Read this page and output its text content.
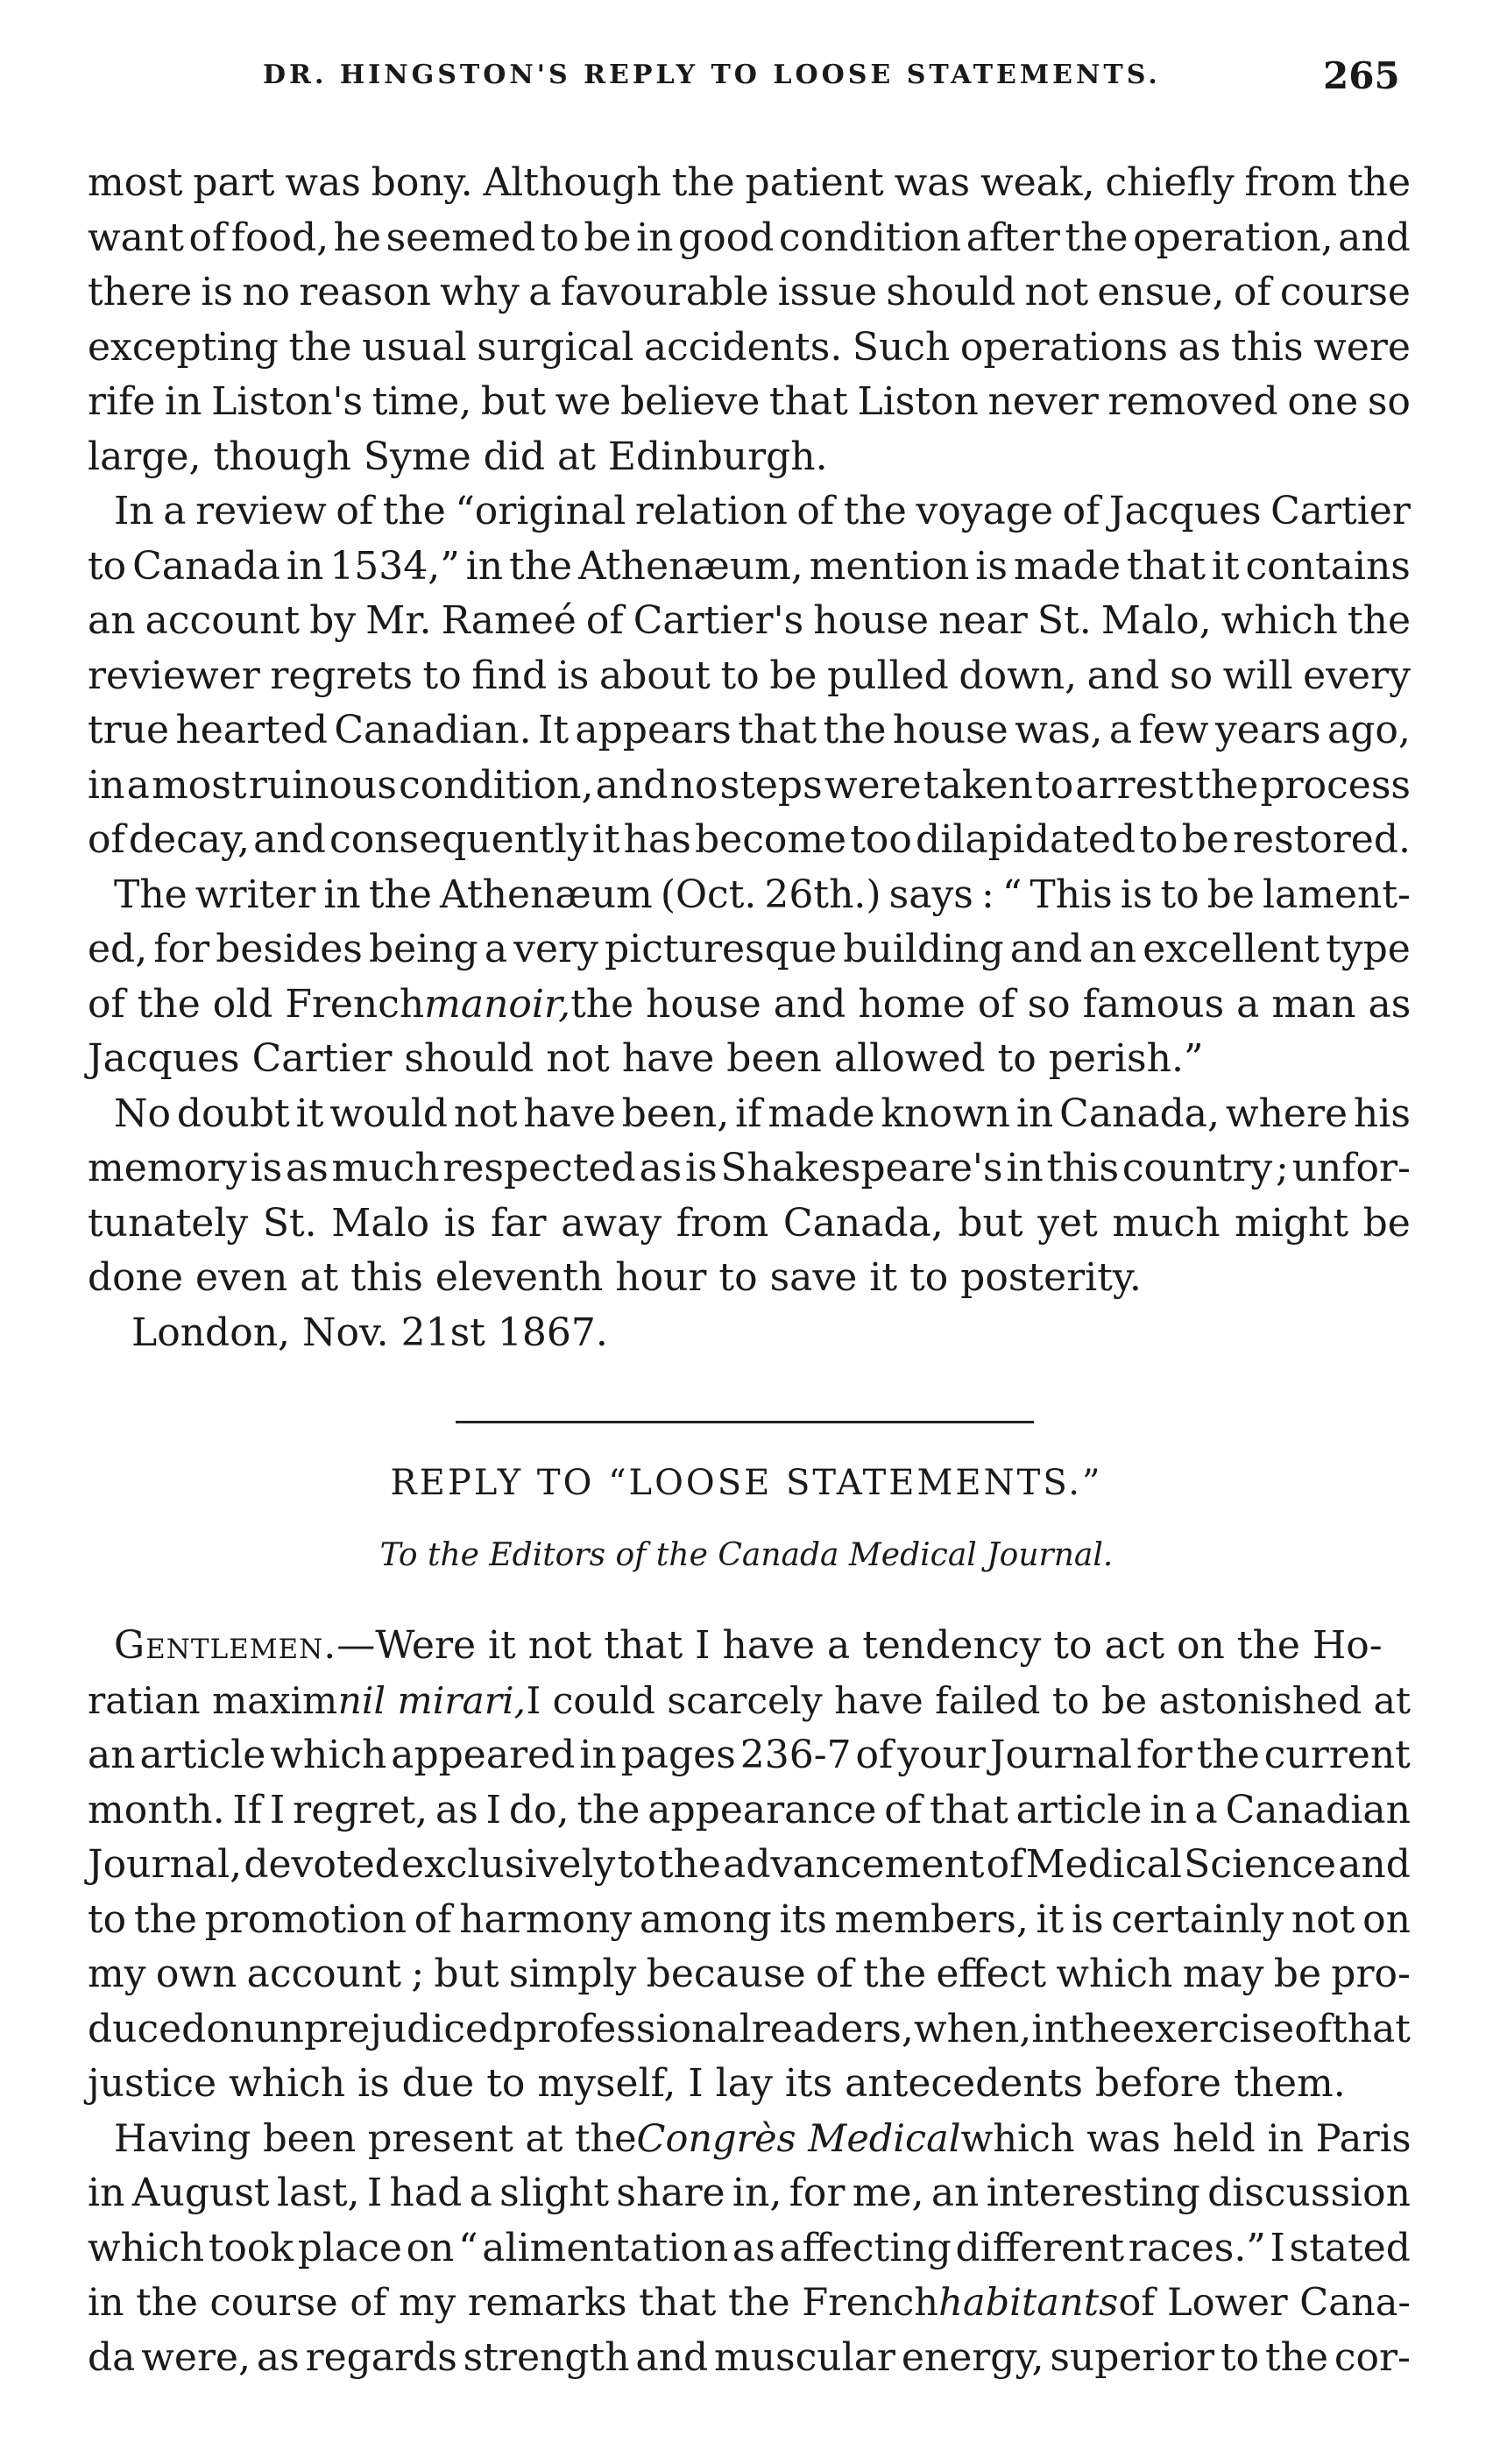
DR. HINGSTON'S REPLY TO LOOSE STATEMENTS.	265
most part was bony. Although the patient was weak, chiefly from the
want of food, he seemed to be in good condition after the operation, and
there is no reason why a favourable issue should not ensue, of course
excepting the usual surgical accidents. Such operations as this were
rife in Liston's time, but we believe that Liston never removed one so
large, though Syme did at Edinburgh.
In a review of the “original relation of the voyage of Jacques Cartier
to Canada in 1534,” in the Athenæum, mention is made that it contains
an account by Mr. Rameé of Cartier's house near St. Malo, which the
reviewer regrets to find is about to be pulled down, and so will every
true hearted Canadian. It appears that the house was, a few years ago,
in a most ruinous condition, and no steps were taken to arrest the process
of decay, and consequently it has become too dilapidated to be restored.
The writer in the Athenæum (Oct. 26th.) says : “ This is to be lament-
ed, for besides being a very picturesque building and an excellent type
of the old French manoir, the house and home of so famous a man as
Jacques Cartier should not have been allowed to perish.”
No doubt it would not have been, if made known in Canada, where his
memory is as much respected as is Shakespeare's in this country ; unfor-
tunately St. Malo is far away from Canada, but yet much might be
done even at this eleventh hour to save it to posterity.
London, Nov. 21st 1867.
REPLY TO “LOOSE STATEMENTS.”
To the Editors of the Canada Medical Journal.
Gentlemen.—Were it not that I have a tendency to act on the Ho-
ratian maxim nil mirari, I could scarcely have failed to be astonished at
an article which appeared in pages 236-7 of your Journal for the current
month. If I regret, as I do, the appearance of that article in a Canadian
Journal, devoted exclusively to the advancement of Medical Science and
to the promotion of harmony among its members, it is certainly not on
my own account ; but simply because of the effect which may be pro-
duced on unprejudiced professional readers, when, in the exercise of that
justice which is due to myself, I lay its antecedents before them.
Having been present at the Congrès Medical which was held in Paris
in August last, I had a slight share in, for me, an interesting discussion
which took place on “ alimentation as affecting different races.” I stated
in the course of my remarks that the French habitants of Lower Cana-
da were, as regards strength and muscular energy, superior to the cor-
